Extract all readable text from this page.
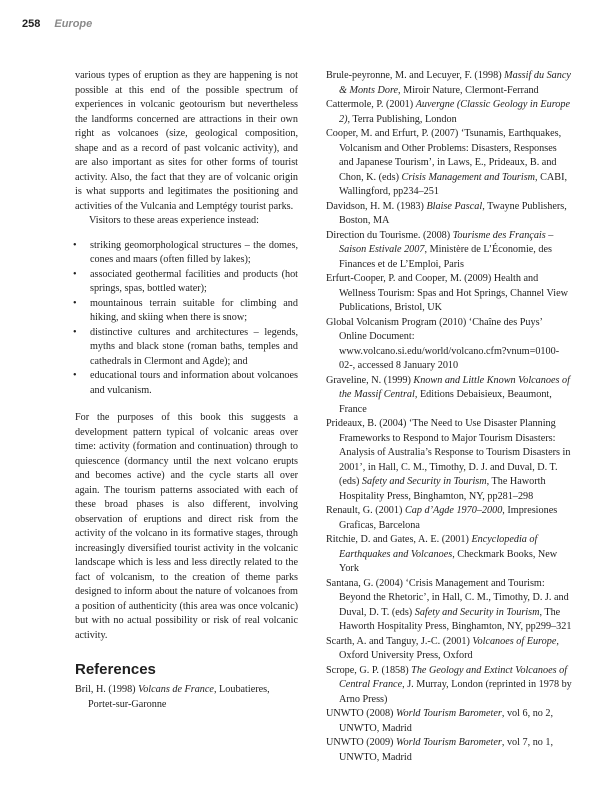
258 Europe

various types of eruption as they are happening is not possible at this end of the possible spectrum of experiences in volcanic geotourism but nevertheless the landforms concerned are attractions in their own right as volcanoes (size, geological composition, shape and as a record of past volcanic activity), and are also important as sites for other forms of tourist activity. Also, the fact that they are of volcanic origin is what supports and legitimates the positioning and activities of the Vulcania and Lemptégy tourist parks.

Visitors to these areas experience instead:

• striking geomorphological structures – the domes, cones and maars (often filled by lakes);
• associated geothermal facilities and products (hot springs, spas, bottled water);
• mountainous terrain suitable for climbing and hiking, and skiing when there is snow;
• distinctive cultures and architectures – legends, myths and black stone (roman baths, temples and cathedrals in Clermont and Agde); and
• educational tours and information about volcanoes and vulcanism.

For the purposes of this book this suggests a development pattern typical of volcanic areas over time: activity (formation and continuation) through to quiescence (dormancy until the next volcano erupts and becomes active) and the cycle starts all over again. The tourism patterns associated with each of these broad phases is also different, involving observation of eruptions and direct risk from the activity of the volcano in its formative stages, through increasingly diversified tourist activity in the volcanic landscape which is less and less directly related to the fact of volcanism, to the creation of theme parks designed to inform about the nature of volcanoes from a position of authenticity (this area was once volcanic) but with no actual possibility or risk of real volcanic activity.

References

Bril, H. (1998) Volcans de France, Loubatieres, Portet-sur-Garonne

Brule-peyronne, M. and Lecuyer, F. (1998) Massif du Sancy & Monts Dore, Miroir Nature, Clermont-Ferrand

Cattermole, P. (2001) Auvergne (Classic Geology in Europe 2), Terra Publishing, London

Cooper, M. and Erfurt, P. (2007) ‘Tsunamis, Earthquakes, Volcanism and Other Problems: Disasters, Responses and Japanese Tourism’, in Laws, E., Prideaux, B. and Chon, K. (eds) Crisis Management and Tourism, CABI, Wallingford, pp234–251

Davidson, H. M. (1983) Blaise Pascal, Twayne Publishers, Boston, MA

Direction du Tourisme. (2008) Tourisme des Français – Saison Estivale 2007, Ministère de L’Économie, des Finances et de L’Emploi, Paris

Erfurt-Cooper, P. and Cooper, M. (2009) Health and Wellness Tourism: Spas and Hot Springs, Channel View Publications, Bristol, UK

Global Volcanism Program (2010) ‘Chaîne des Puys’ Online Document: www.volcano.si.edu/world/volcano.cfm?vnum=0100-02-, accessed 8 January 2010

Graveline, N. (1999) Known and Little Known Volcanoes of the Massif Central, Editions Debaisieux, Beaumont, France

Prideaux, B. (2004) ‘The Need to Use Disaster Planning Frameworks to Respond to Major Tourism Disasters: Analysis of Australia’s Response to Tourism Disasters in 2001’, in Hall, C. M., Timothy, D. J. and Duval, D. T. (eds) Safety and Security in Tourism, The Haworth Hospitality Press, Binghamton, NY, pp281–298

Renault, G. (2001) Cap d’Agde 1970–2000, Impresiones Graficas, Barcelona

Ritchie, D. and Gates, A. E. (2001) Encyclopedia of Earthquakes and Volcanoes, Checkmark Books, New York

Santana, G. (2004) ‘Crisis Management and Tourism: Beyond the Rhetoric’, in Hall, C. M., Timothy, D. J. and Duval, D. T. (eds) Safety and Security in Tourism, The Haworth Hospitality Press, Binghamton, NY, pp299–321

Scarth, A. and Tanguy, J.-C. (2001) Volcanoes of Europe, Oxford University Press, Oxford

Scrope, G. P. (1858) The Geology and Extinct Volcanoes of Central France, J. Murray, London (reprinted in 1978 by Arno Press)

UNWTO (2008) World Tourism Barometer, vol 6, no 2, UNWTO, Madrid

UNWTO (2009) World Tourism Barometer, vol 7, no 1, UNWTO, Madrid
